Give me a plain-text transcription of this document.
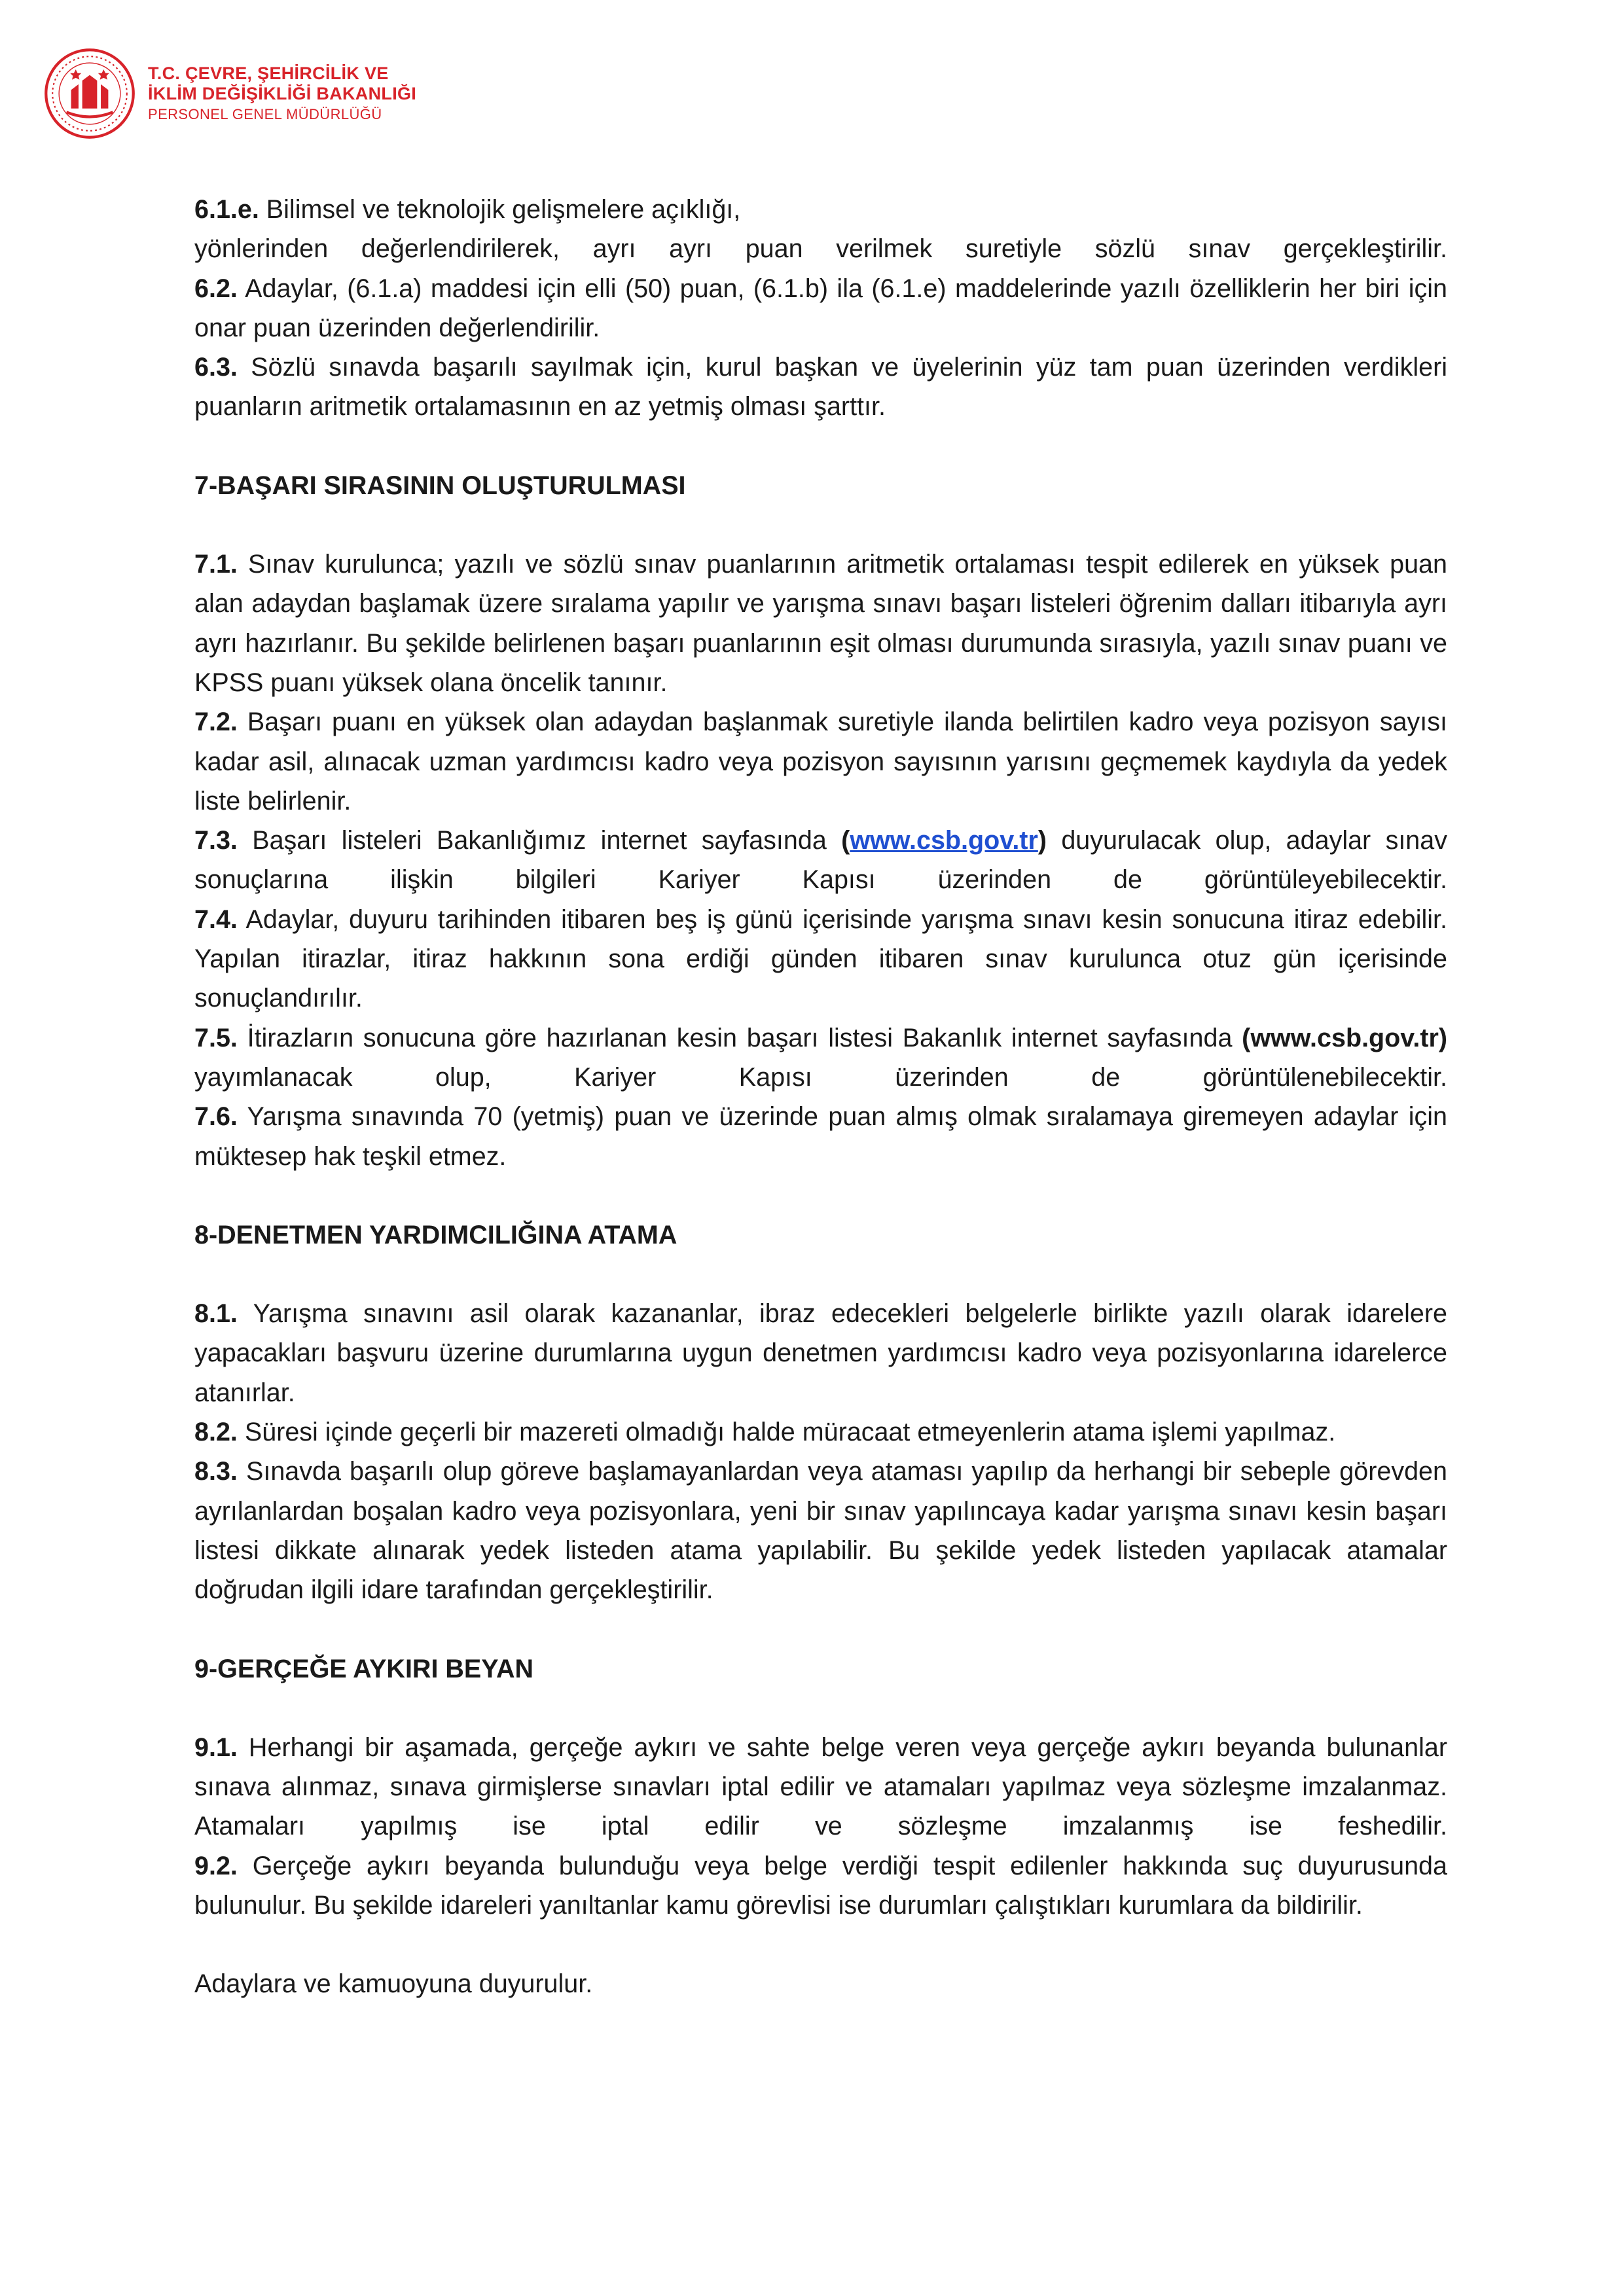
T.C. ÇEVRE, ŞEHİRCİLİK VE
İKLİM DEĞİŞİKLİĞİ BAKANLIĞI
PERSONEL GENEL MÜDÜRLÜĞÜ

6.1.e. Bilimsel ve teknolojik gelişmelere açıklığı,

yönlerinden değerlendirilerek, ayrı ayrı puan verilmek suretiyle sözlü sınav gerçekleştirilir.

6.2. Adaylar, (6.1.a) maddesi için elli (50) puan, (6.1.b) ila (6.1.e) maddelerinde yazılı özelliklerin her biri için onar puan üzerinden değerlendirilir.

6.3. Sözlü sınavda başarılı sayılmak için, kurul başkan ve üyelerinin yüz tam puan üzerinden verdikleri puanların aritmetik ortalamasının en az yetmiş olması şarttır.

7-BAŞARI SIRASININ OLUŞTURULMASI

7.1. Sınav kurulunca; yazılı ve sözlü sınav puanlarının aritmetik ortalaması tespit edilerek en yüksek puan alan adaydan başlamak üzere sıralama yapılır ve yarışma sınavı başarı listeleri öğrenim dalları itibarıyla ayrı ayrı hazırlanır. Bu şekilde belirlenen başarı puanlarının eşit olması durumunda sırasıyla, yazılı sınav puanı ve KPSS puanı yüksek olana öncelik tanınır.

7.2. Başarı puanı en yüksek olan adaydan başlanmak suretiyle ilanda belirtilen kadro veya pozisyon sayısı kadar asil, alınacak uzman yardımcısı kadro veya pozisyon sayısının yarısını geçmemek kaydıyla da yedek liste belirlenir.

7.3. Başarı listeleri Bakanlığımız internet sayfasında (www.csb.gov.tr) duyurulacak olup, adaylar sınav sonuçlarına ilişkin bilgileri Kariyer Kapısı üzerinden de görüntüleyebilecektir.

7.4. Adaylar, duyuru tarihinden itibaren beş iş günü içerisinde yarışma sınavı kesin sonucuna itiraz edebilir. Yapılan itirazlar, itiraz hakkının sona erdiği günden itibaren sınav kurulunca otuz gün içerisinde sonuçlandırılır.

7.5. İtirazların sonucuna göre hazırlanan kesin başarı listesi Bakanlık internet sayfasında (www.csb.gov.tr) yayımlanacak olup, Kariyer Kapısı üzerinden de görüntülenebilecektir.

7.6. Yarışma sınavında 70 (yetmiş) puan ve üzerinde puan almış olmak sıralamaya giremeyen adaylar için müktesep hak teşkil etmez.

8-DENETMEN YARDIMCILIĞINA ATAMA

8.1. Yarışma sınavını asil olarak kazananlar, ibraz edecekleri belgelerle birlikte yazılı olarak idarelere yapacakları başvuru üzerine durumlarına uygun denetmen yardımcısı kadro veya pozisyonlarına idarelerce atanırlar.

8.2. Süresi içinde geçerli bir mazereti olmadığı halde müracaat etmeyenlerin atama işlemi yapılmaz.

8.3. Sınavda başarılı olup göreve başlamayanlardan veya ataması yapılıp da herhangi bir sebeple görevden ayrılanlardan boşalan kadro veya pozisyonlara, yeni bir sınav yapılıncaya kadar yarışma sınavı kesin başarı listesi dikkate alınarak yedek listeden atama yapılabilir. Bu şekilde yedek listeden yapılacak atamalar doğrudan ilgili idare tarafından gerçekleştirilir.

9-GERÇEĞE AYKIRI BEYAN

9.1. Herhangi bir aşamada, gerçeğe aykırı ve sahte belge veren veya gerçeğe aykırı beyanda bulunanlar sınava alınmaz, sınava girmişlerse sınavları iptal edilir ve atamaları yapılmaz veya sözleşme imzalanmaz. Atamaları yapılmış ise iptal edilir ve sözleşme imzalanmış ise feshedilir.

9.2. Gerçeğe aykırı beyanda bulunduğu veya belge verdiği tespit edilenler hakkında suç duyurusunda bulunulur. Bu şekilde idareleri yanıltanlar kamu görevlisi ise durumları çalıştıkları kurumlara da bildirilir.

Adaylara ve kamuoyuna duyurulur.
